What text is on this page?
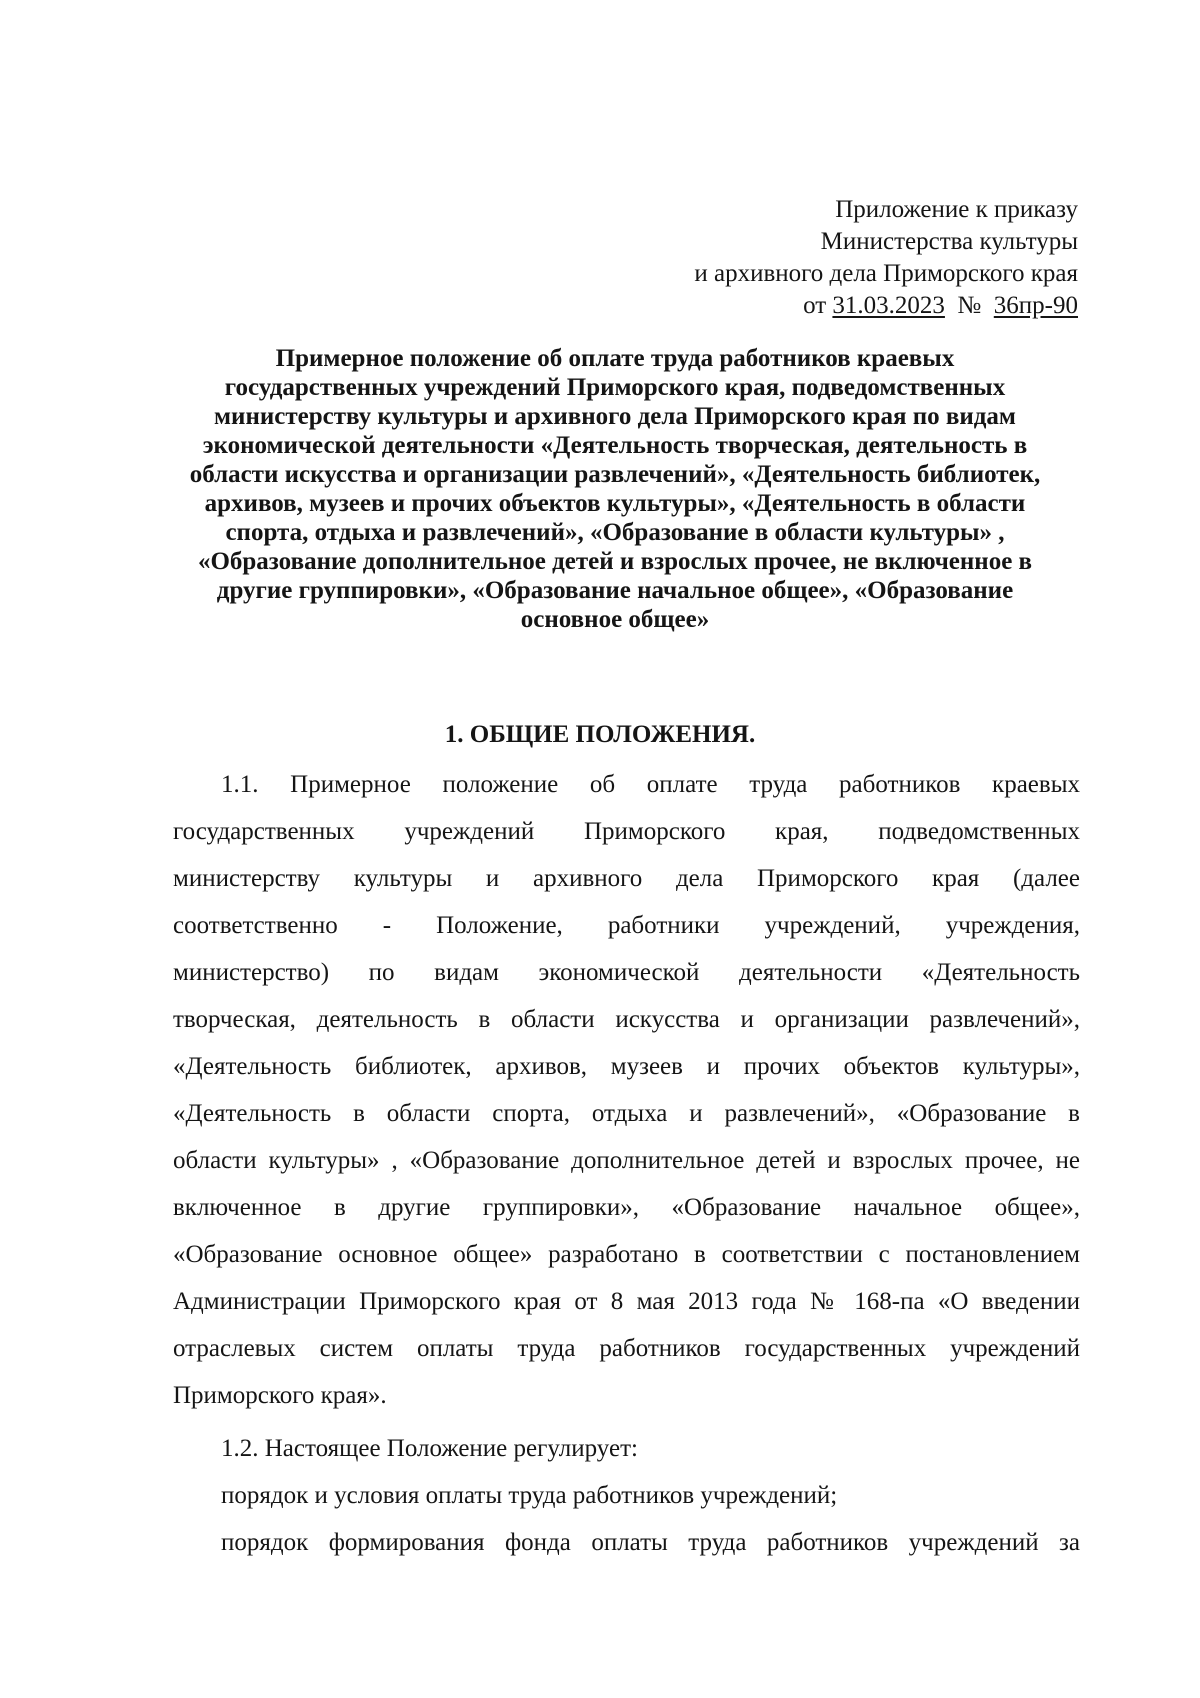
Приложение к приказу
Министерства культуры
и архивного дела Приморского края
от 31.03.2023 № 36пр-90
Примерное положение об оплате труда работников краевых
государственных учреждений Приморского края, подведомственных
министерству культуры и архивного дела Приморского края по видам
экономической деятельности «Деятельность творческая, деятельность в
области искусства и организации развлечений», «Деятельность библиотек,
архивов, музеев и прочих объектов культуры», «Деятельность в области
спорта, отдыха и развлечений», «Образование в области культуры» ,
«Образование дополнительное детей и взрослых прочее, не включенное в
другие группировки», «Образование начальное общее», «Образование
основное общее»
1. ОБЩИЕ ПОЛОЖЕНИЯ.
1.1. Примерное положение об оплате труда работников краевых
государственных учреждений Приморского края, подведомственных
министерству культуры и архивного дела Приморского края (далее
соответственно - Положение, работники учреждений, учреждения,
министерство) по видам экономической деятельности «Деятельность
творческая, деятельность в области искусства и организации развлечений»,
«Деятельность библиотек, архивов, музеев и прочих объектов культуры»,
«Деятельность в области спорта, отдыха и развлечений», «Образование в
области культуры» , «Образование дополнительное детей и взрослых прочее, не
включенное в другие группировки», «Образование начальное общее»,
«Образование основное общее» разработано в соответствии с постановлением
Администрации Приморского края от 8 мая 2013 года № 168-па «О введении
отраслевых систем оплаты труда работников государственных учреждений
Приморского края».
1.2. Настоящее Положение регулирует:
порядок и условия оплаты труда работников учреждений;
порядок формирования фонда оплаты труда работников учреждений за
